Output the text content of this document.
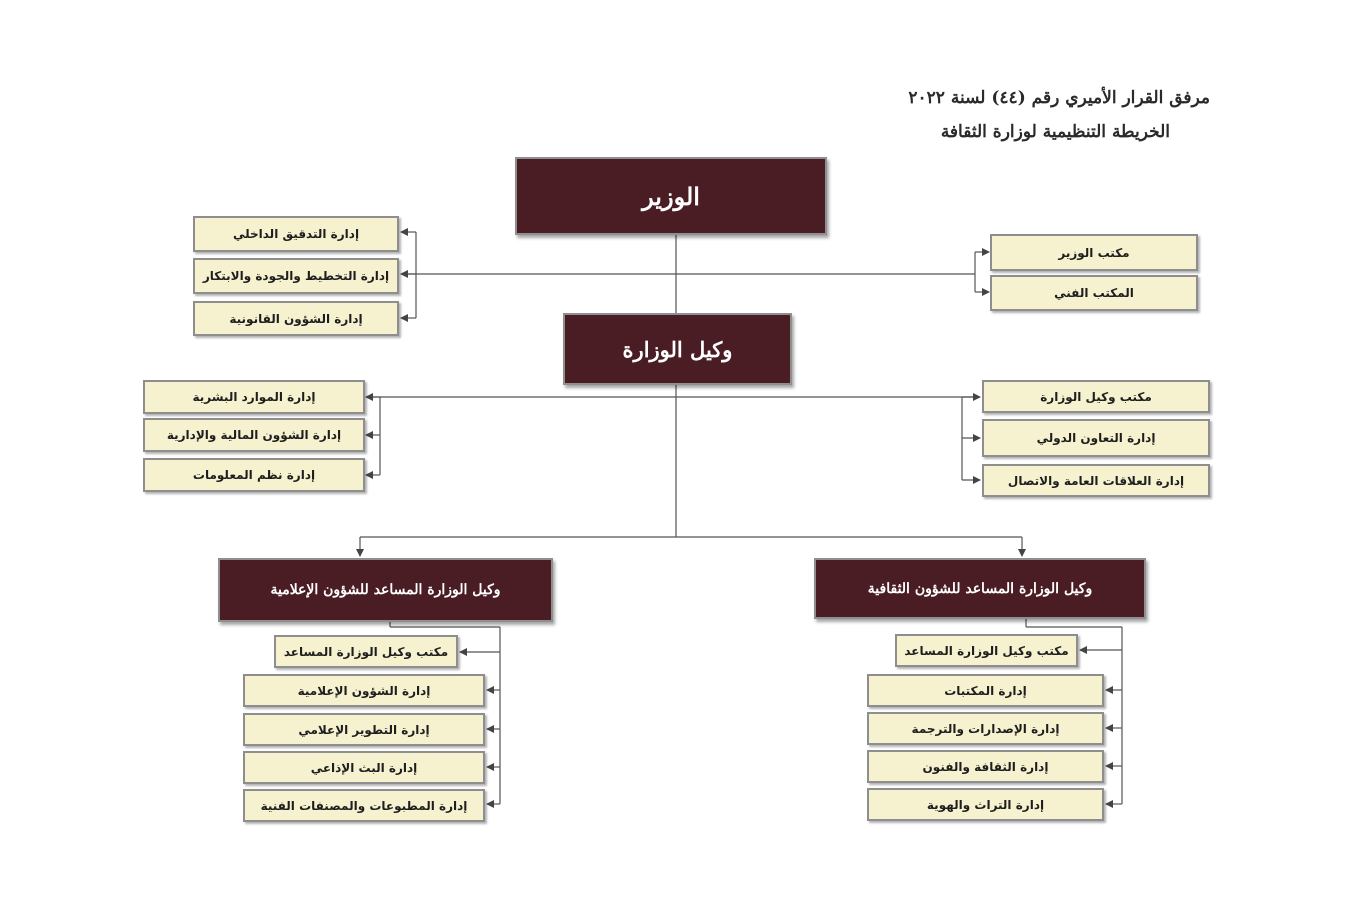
مرفق القرار الأميري رقم (٤٤) لسنة ٢٠٢٢
الخريطة التنظيمية لوزارة الثقافة
الوزير
إدارة التدقيق الداخلي
إدارة التخطيط والجودة والابتكار
إدارة الشؤون القانونية
مكتب الوزير
المكتب الفني
وكيل الوزارة
إدارة الموارد البشرية
إدارة الشؤون المالية والإدارية
إدارة نظم المعلومات
مكتب وكيل الوزارة
إدارة التعاون الدولي
إدارة العلاقات العامة والاتصال
وكيل الوزارة المساعد للشؤون الإعلامية
مكتب وكيل الوزارة المساعد
إدارة الشؤون الإعلامية
إدارة التطوير الإعلامي
إدارة البث الإذاعي
إدارة المطبوعات والمصنفات الفنية
وكيل الوزارة المساعد للشؤون الثقافية
مكتب وكيل الوزارة المساعد
إدارة المكتبات
إدارة الإصدارات والترجمة
إدارة الثقافة والفنون
إدارة التراث والهوية
